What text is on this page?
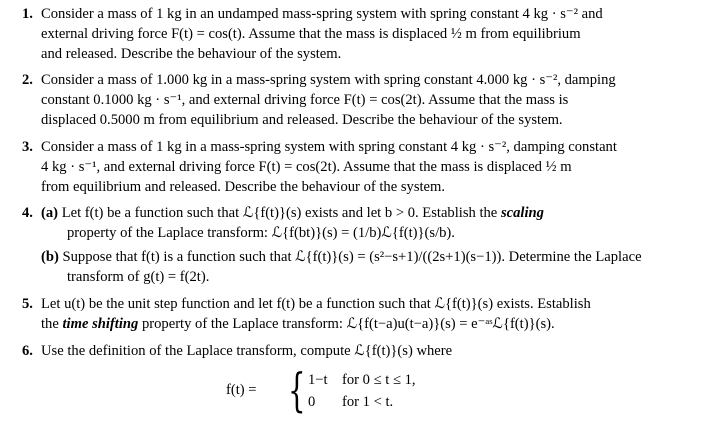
1. Consider a mass of 1 kg in an undamped mass-spring system with spring constant 4 kg · s⁻² and
external driving force F(t) = cos(t). Assume that the mass is displaced ½ m from equilibrium
and released. Describe the behaviour of the system.
2. Consider a mass of 1.000 kg in a mass-spring system with spring constant 4.000 kg · s⁻², damping
constant 0.1000 kg · s⁻¹, and external driving force F(t) = cos(2t). Assume that the mass is
displaced 0.5000 m from equilibrium and released. Describe the behaviour of the system.
3. Consider a mass of 1 kg in a mass-spring system with spring constant 4 kg · s⁻², damping constant
4 kg · s⁻¹, and external driving force F(t) = cos(2t). Assume that the mass is displaced ½ m
from equilibrium and released. Describe the behaviour of the system.
4. (a) Let f(t) be a function such that ℒ{f(t)}(s) exists and let b > 0. Establish the scaling
property of the Laplace transform: ℒ{f(bt)}(s) = (1/b)ℒ{f(t)}(s/b).
(b) Suppose that f(t) is a function such that ℒ{f(t)}(s) = (s²−s+1)/((2s+1)(s−1)). Determine the Laplace
transform of g(t) = f(2t).
5. Let u(t) be the unit step function and let f(t) be a function such that ℒ{f(t)}(s) exists. Establish
the time shifting property of the Laplace transform: ℒ{f(t−a)u(t−a)}(s) = e⁻ᵃˢℒ{f(t)}(s).
6. Use the definition of the Laplace transform, compute ℒ{f(t)}(s) where
f(t) = { 1−t for 0 ≤ t ≤ 1,
0 for 1 < t.
